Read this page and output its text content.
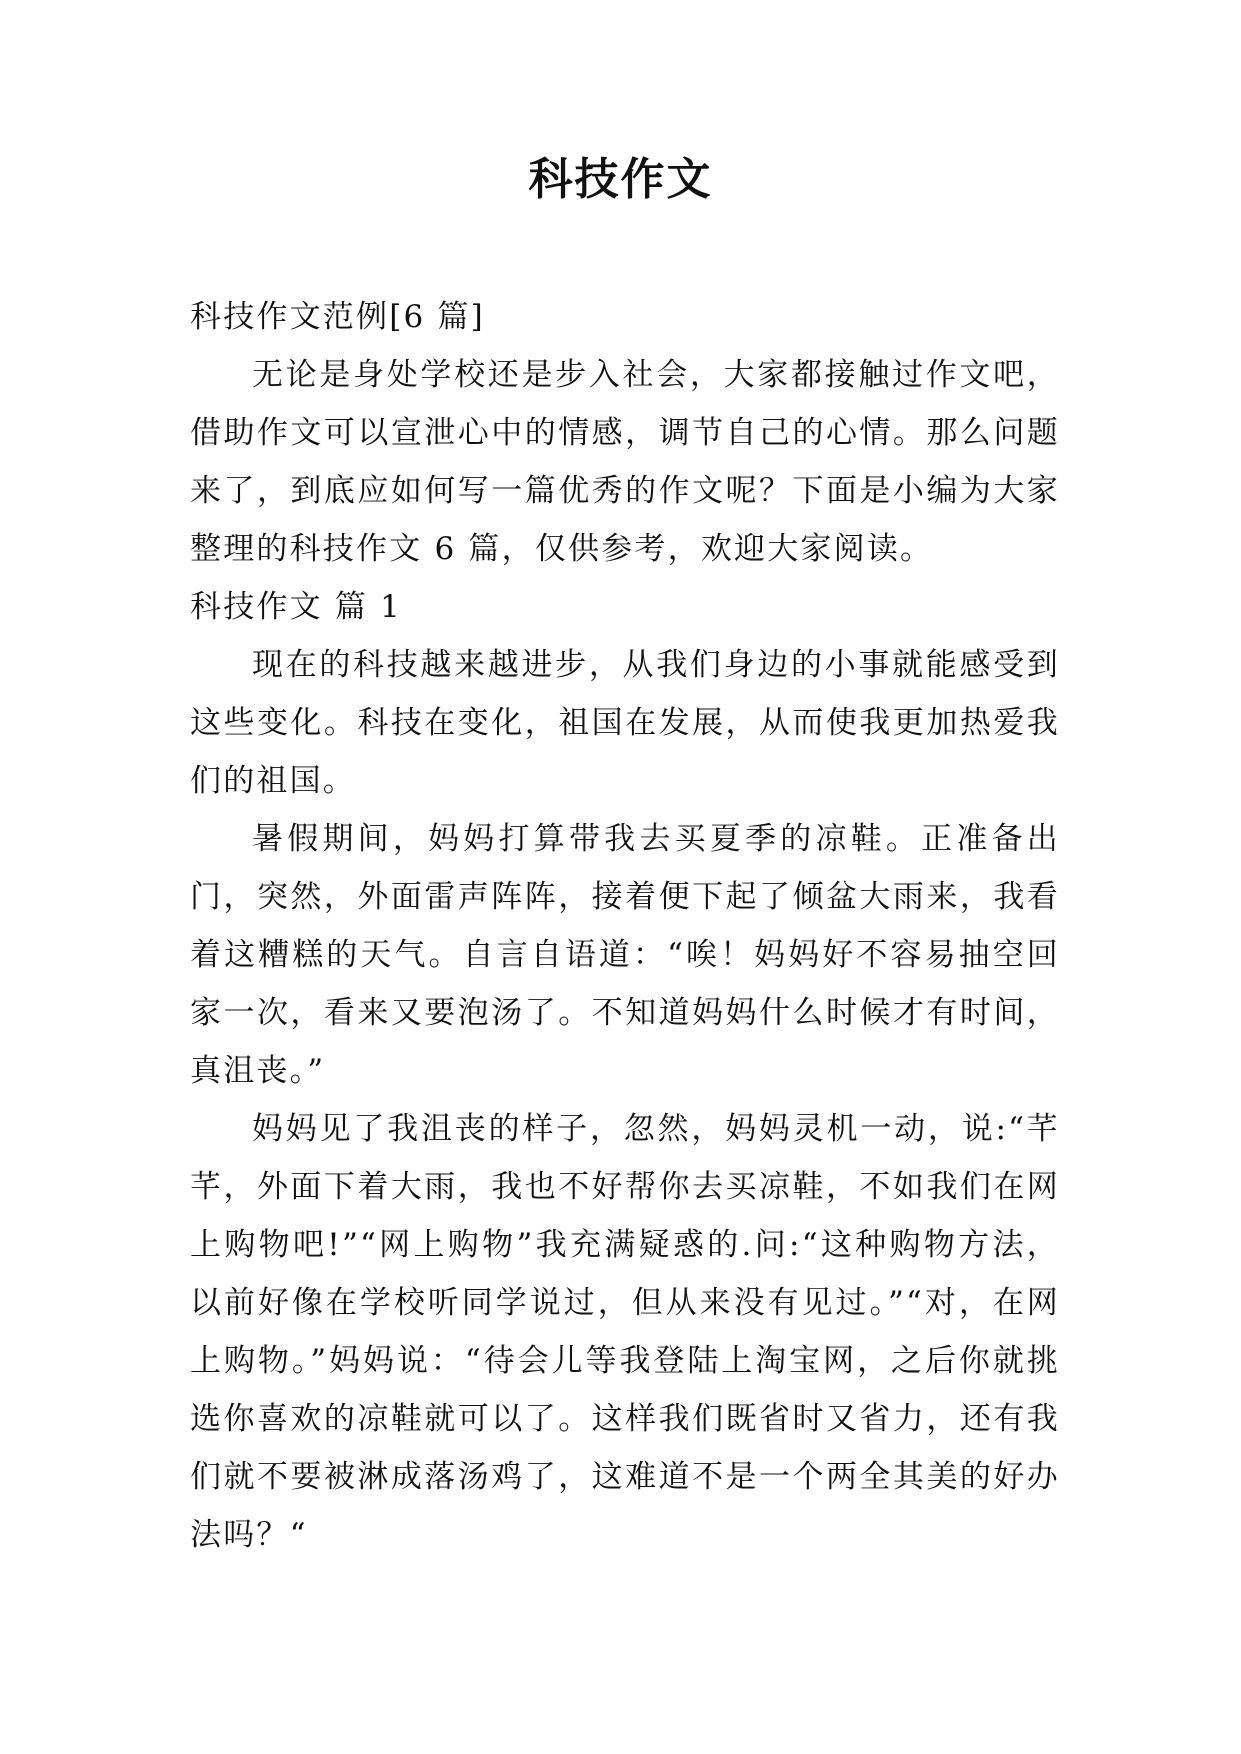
科技作文

科技作文范例[6 篇]

无论是身处学校还是步入社会，大家都接触过作文吧，借助作文可以宣泄心中的情感，调节自己的心情。那么问题来了，到底应如何写一篇优秀的作文呢？下面是小编为大家整理的科技作文 6 篇，仅供参考，欢迎大家阅读。

科技作文 篇 1

现在的科技越来越进步，从我们身边的小事就能感受到这些变化。科技在变化，祖国在发展，从而使我更加热爱我们的祖国。

暑假期间，妈妈打算带我去买夏季的凉鞋。正准备出门，突然，外面雷声阵阵，接着便下起了倾盆大雨来，我看着这糟糕的天气。自言自语道：“唉！妈妈好不容易抽空回家一次，看来又要泡汤了。不知道妈妈什么时候才有时间，真沮丧。”

妈妈见了我沮丧的样子，忽然，妈妈灵机一动，说:“芊芊，外面下着大雨，我也不好帮你去买凉鞋，不如我们在网上购物吧!”“网上购物”我充满疑惑的.问:“这种购物方法，以前好像在学校听同学说过，但从来没有见过。”“对，在网上购物。”妈妈说：“待会儿等我登陆上淘宝网，之后你就挑选你喜欢的凉鞋就可以了。这样我们既省时又省力，还有我们就不要被淋成落汤鸡了，这难道不是一个两全其美的好办法吗？“
